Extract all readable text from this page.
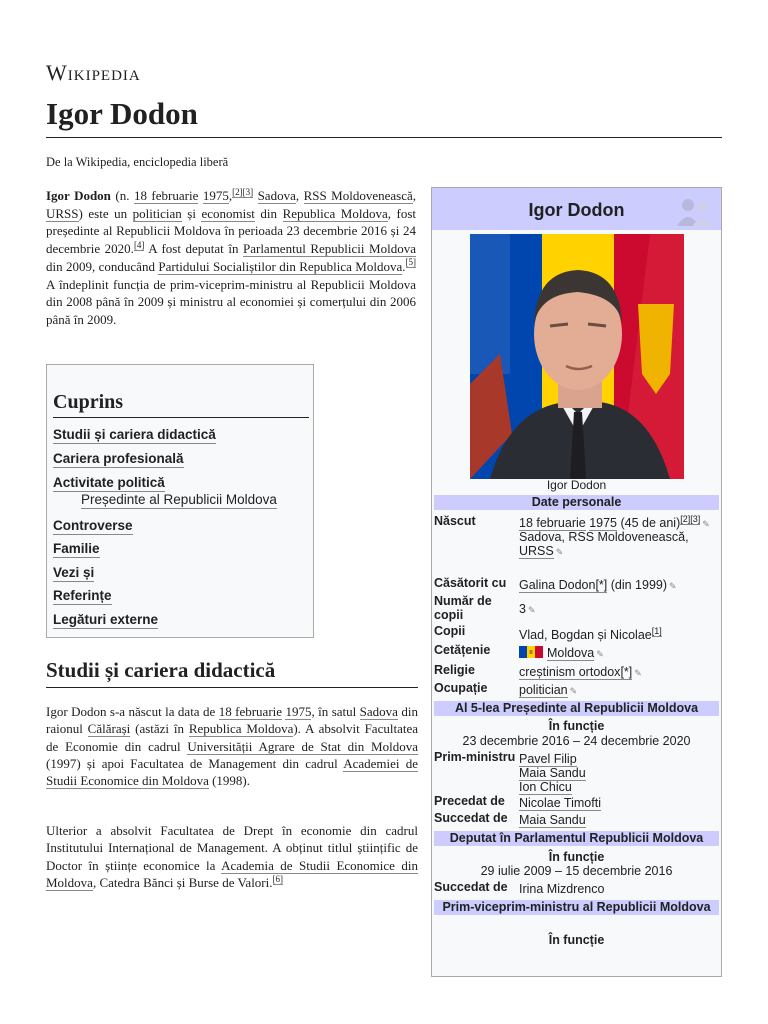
Wikipedia
Igor Dodon
De la Wikipedia, enciclopedia liberă
Igor Dodon (n. 18 februarie 1975,[2][3] Sadova, RSS Moldovenească, URSS) este un politician și economist din Republica Moldova, fost președinte al Republicii Moldova în perioada 23 decembrie 2016 și 24 decembrie 2020.[4] A fost deputat în Parlamentul Republicii Moldova din 2009, conducând Partidului Socialiștilor din Republica Moldova.[5] A îndeplinit funcția de prim-viceprim-ministru al Republicii Moldova din 2008 până în 2009 și ministru al economiei și comerțului din 2006 până în 2009.
Cuprins
Studii și cariera didactică
Cariera profesională
Activitate politică
Președinte al Republicii Moldova
Controverse
Familie
Vezi și
Referințe
Legături externe
Studii și cariera didactică
Igor Dodon s-a născut la data de 18 februarie 1975, în satul Sadova din raionul Călărași (astăzi în Republica Moldova). A absolvit Facultatea de Economie din cadrul Universității Agrare de Stat din Moldova (1997) și apoi Facultatea de Management din cadrul Academiei de Studii Economice din Moldova (1998).
Ulterior a absolvit Facultatea de Drept în economie din cadrul Institutului Internațional de Management. A obținut titlul științific de Doctor în științe economice la Academia de Studii Economice din Moldova, Catedra Bănci și Burse de Valori.[6]
Igor Dodon
Igor Dodon
Date personale
Născut	18 februarie 1975 (45 de ani)[2][3]✎
Sadova, RSS Moldovenească,
URSS ✎
Căsătorit cu	Galina Dodon[*] (din 1999) ✎
Număr de copii	3 ✎
Copii	Vlad, Bogdan și Nicolae[1]
Cetățenie	Moldova ✎
Religie	creștinism ortodox[*] ✎
Ocupație	politician ✎
Al 5-lea Președinte al Republicii Moldova
În funcție
23 decembrie 2016 – 24 decembrie 2020
Prim-ministru Pavel Filip
Maia Sandu
Ion Chicu
Precedat de	Nicolae Timofti
Succedat de Maia Sandu
Deputat în Parlamentul Republicii Moldova
În funcție
29 iulie 2009 – 15 decembrie 2016
Succedat de Irina Mizdrenco
Prim-viceprim-ministru al Republicii Moldova
În funcție
